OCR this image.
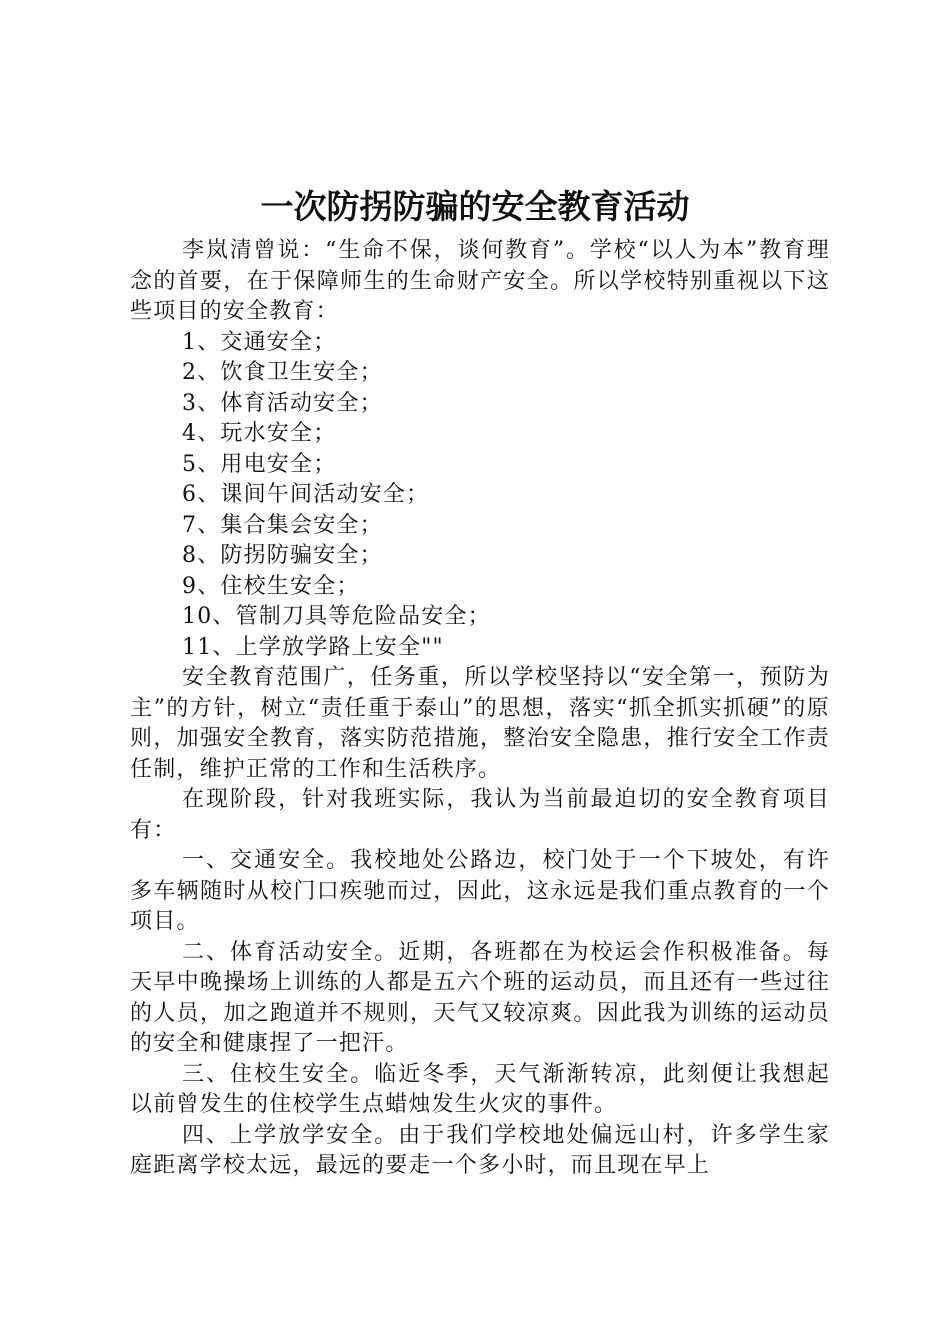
一次防拐防骗的安全教育活动

李岚清曾说：“生命不保，谈何教育”。学校“以人为本”教育理念的首要，在于保障师生的生命财产安全。所以学校特别重视以下这些项目的安全教育：

1、交通安全；

2、饮食卫生安全；

3、体育活动安全；

4、玩水安全；

5、用电安全；

6、课间午间活动安全；

7、集合集会安全；

8、防拐防骗安全；

9、住校生安全；

10、管制刀具等危险品安全；

11、上学放学路上安全""

安全教育范围广，任务重，所以学校坚持以“安全第一，预防为主”的方针，树立“责任重于泰山”的思想，落实“抓全抓实抓硬”的原则，加强安全教育，落实防范措施，整治安全隐患，推行安全工作责任制，维护正常的工作和生活秩序。

在现阶段，针对我班实际，我认为当前最迫切的安全教育项目有：

一、交通安全。我校地处公路边，校门处于一个下坡处，有许多车辆随时从校门口疾驰而过，因此，这永远是我们重点教育的一个项目。

二、体育活动安全。近期，各班都在为校运会作积极准备。每天早中晚操场上训练的人都是五六个班的运动员，而且还有一些过往的人员，加之跑道并不规则，天气又较凉爽。因此我为训练的运动员的安全和健康捏了一把汗。

三、住校生安全。临近冬季，天气渐渐转凉，此刻便让我想起以前曾发生的住校学生点蜡烛发生火灾的事件。

四、上学放学安全。由于我们学校地处偏远山村，许多学生家庭距离学校太远，最远的要走一个多小时，而且现在早上
